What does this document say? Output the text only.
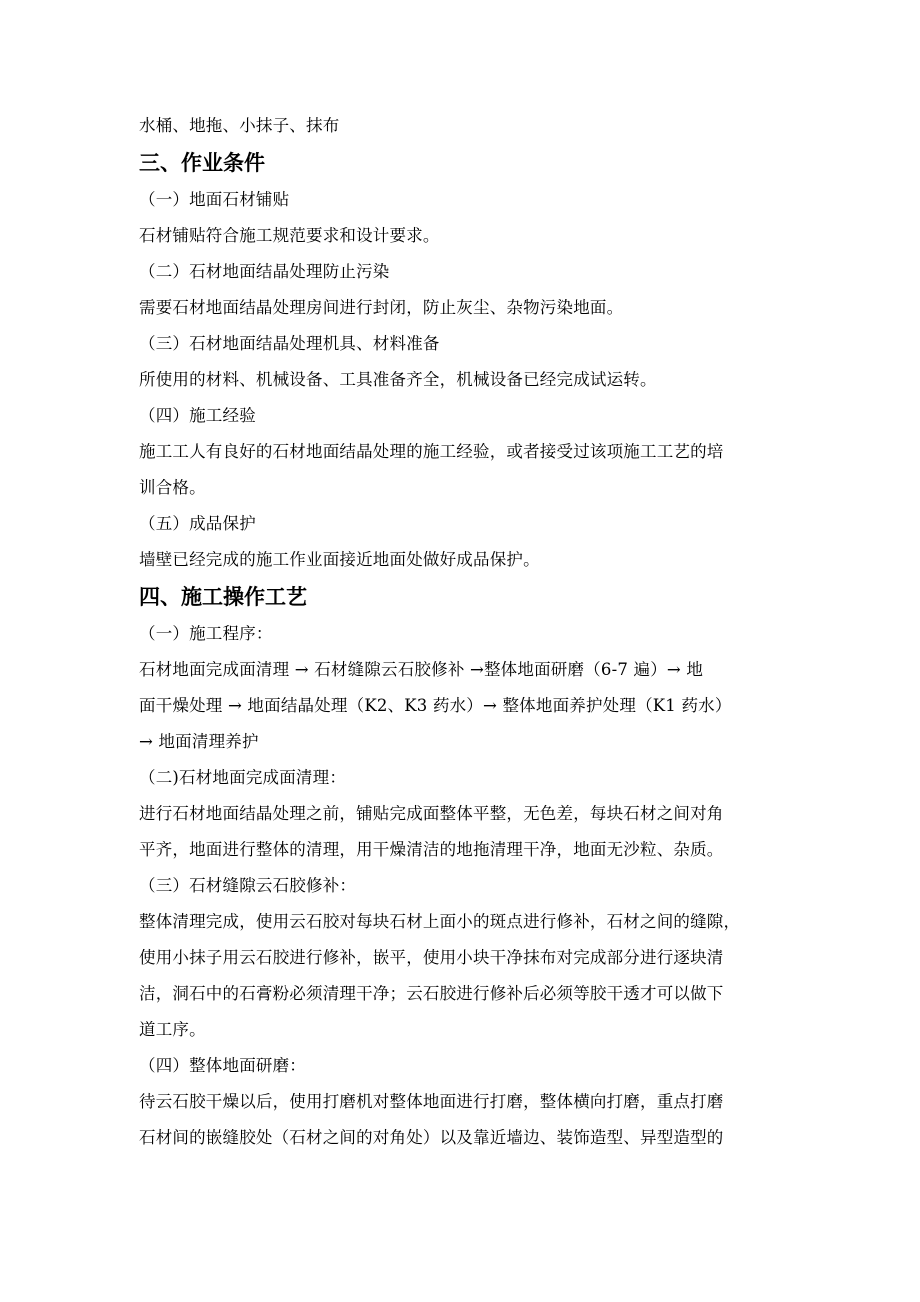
水桶、地拖、小抹子、抹布
三、作业条件
（一）地面石材铺贴
石材铺贴符合施工规范要求和设计要求。
（二）石材地面结晶处理防止污染
需要石材地面结晶处理房间进行封闭，防止灰尘、杂物污染地面。
（三）石材地面结晶处理机具、材料准备
所使用的材料、机械设备、工具准备齐全，机械设备已经完成试运转。
（四）施工经验
施工工人有良好的石材地面结晶处理的施工经验，或者接受过该项施工工艺的培
训合格。
（五）成品保护
墙壁已经完成的施工作业面接近地面处做好成品保护。
四、施工操作工艺
（一）施工程序：
石材地面完成面清理 → 石材缝隙云石胶修补 →整体地面研磨（6-7 遍）→ 地
面干燥处理 → 地面结晶处理（K2、K3 药水）→ 整体地面养护处理（K1 药水）
→ 地面清理养护
（二)石材地面完成面清理：
进行石材地面结晶处理之前，铺贴完成面整体平整，无色差，每块石材之间对角
平齐，地面进行整体的清理，用干燥清洁的地拖清理干净，地面无沙粒、杂质。
（三）石材缝隙云石胶修补：
整体清理完成，使用云石胶对每块石材上面小的斑点进行修补，石材之间的缝隙，
使用小抹子用云石胶进行修补，嵌平，使用小块干净抹布对完成部分进行逐块清
洁，洞石中的石膏粉必须清理干净；云石胶进行修补后必须等胶干透才可以做下
道工序。
（四）整体地面研磨：
待云石胶干燥以后，使用打磨机对整体地面进行打磨，整体横向打磨，重点打磨
石材间的嵌缝胶处（石材之间的对角处）以及靠近墙边、装饰造型、异型造型的
